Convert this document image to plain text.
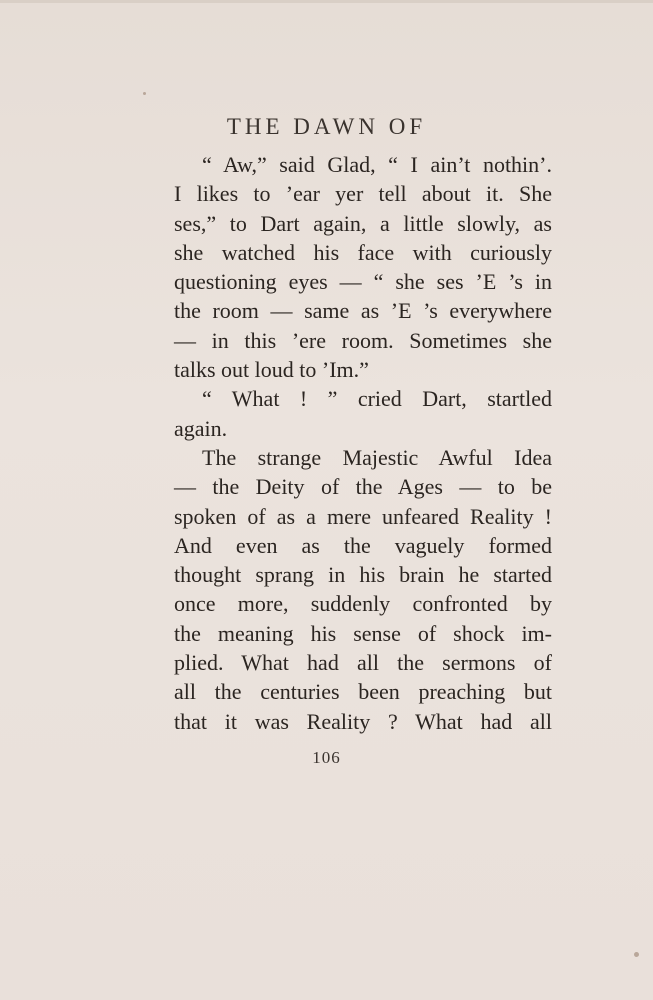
THE DAWN OF
“ Aw,” said Glad, “ I ain’t nothin’.
I likes to ’ear yer tell about it. She
ses,” to Dart again, a little slowly, as
she watched his face with curiously
questioning eyes — “ she ses ’E ’s in
the room — same as ’E ’s everywhere
— in this ’ere room. Sometimes she
talks out loud to ’Im.”
“ What ! ” cried Dart, startled
again.
The strange Majestic Awful Idea
— the Deity of the Ages — to be
spoken of as a mere unfeared Reality !
And even as the vaguely formed
thought sprang in his brain he started
once more, suddenly confronted by
the meaning his sense of shock im-
plied. What had all the sermons of
all the centuries been preaching but
that it was Reality ? What had all
106
